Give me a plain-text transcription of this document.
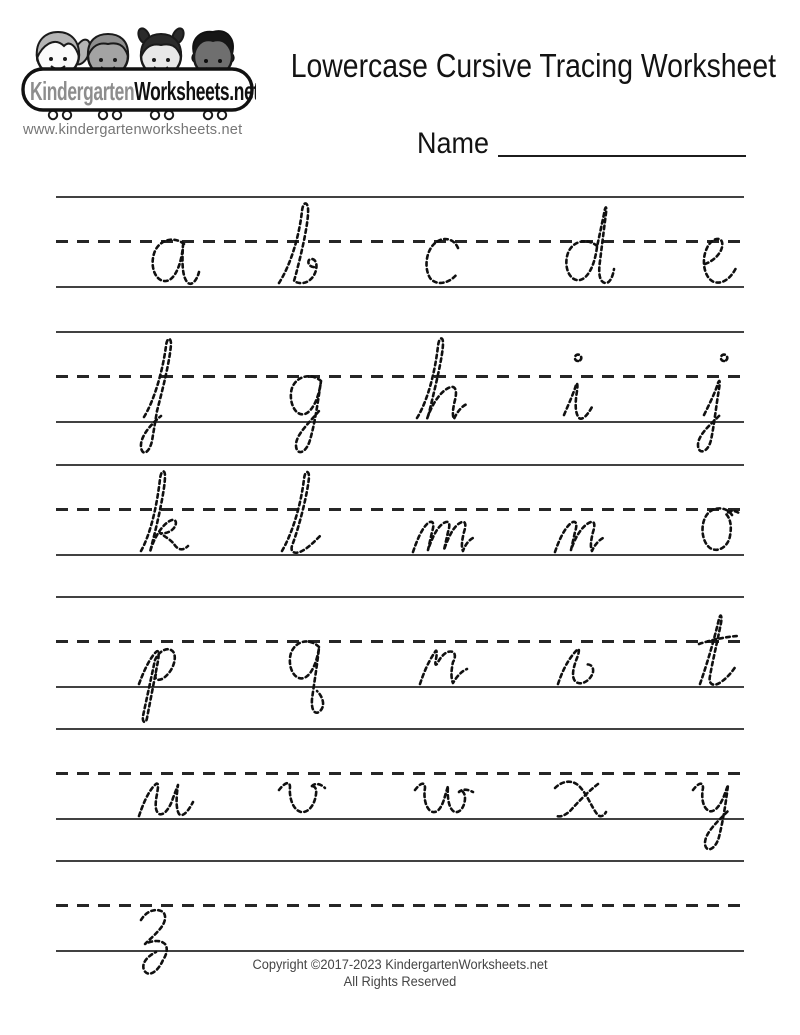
KindergartenWorksheets.net
www.kindergartenworksheets.net
Lowercase Cursive Tracing Worksheet
Name
Copyright ©2017-2023 KindergartenWorksheets.net
All Rights Reserved
